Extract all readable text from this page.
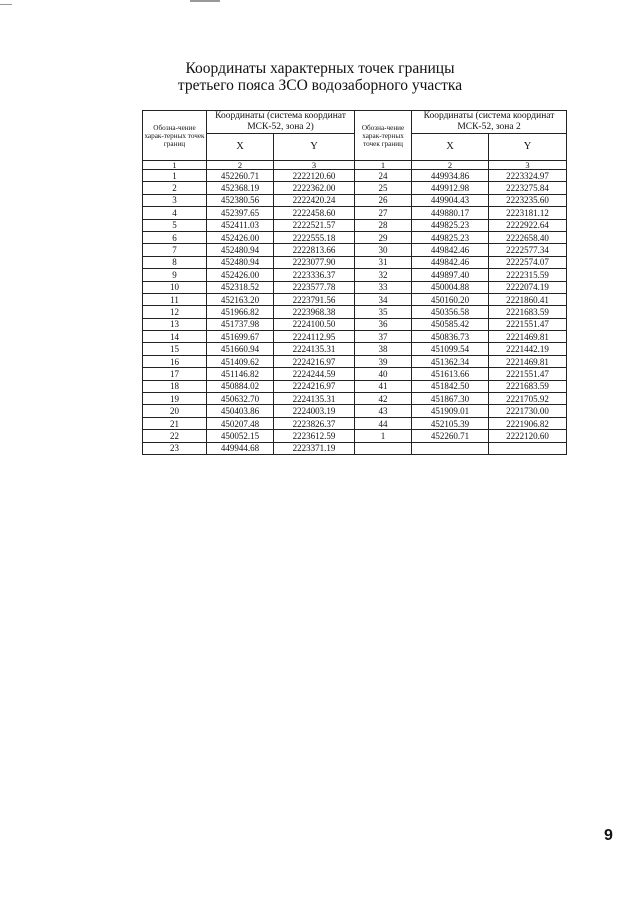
Координаты характерных точек границы
третьего пояса ЗСО водозаборного участка
Обозна-чение харак-терных точек границ	Координаты (система координат МСК-52, зона 2)		Обозна-чение харак-терных точек границ	Координаты (система координат МСК-52, зона 2	
	X	Y		X	Y
1	2	3	1	2	3
1	452260.71	2222120.60	24	449934.86	2223324.97
2	452368.19	2222362.00	25	449912.98	2223275.84
3	452380.56	2222420.24	26	449904.43	2223235.60
4	452397.65	2222458.60	27	449880.17	2223181.12
5	452411.03	2222521.57	28	449825.23	2222922.64
6	452426.00	2222555.18	29	449825.23	2222658.40
7	452480.94	2222813.66	30	449842.46	2222577.34
8	452480.94	2223077.90	31	449842.46	2222574.07
9	452426.00	2223336.37	32	449897.40	2222315.59
10	452318.52	2223577.78	33	450004.88	2222074.19
11	452163.20	2223791.56	34	450160.20	2221860.41
12	451966.82	2223968.38	35	450356.58	2221683.59
13	451737.98	2224100.50	36	450585.42	2221551.47
14	451699.67	2224112.95	37	450836.73	2221469.81
15	451660.94	2224135.31	38	451099.54	2221442.19
16	451409.62	2224216.97	39	451362.34	2221469.81
17	451146.82	2224244.59	40	451613.66	2221551.47
18	450884.02	2224216.97	41	451842.50	2221683.59
19	450632.70	2224135.31	42	451867.30	2221705.92
20	450403.86	2224003.19	43	451909.01	2221730.00
21	450207.48	2223826.37	44	452105.39	2221906.82
22	450052.15	2223612.59	1	452260.71	2222120.60
23	449944.68	2223371.19			
9
